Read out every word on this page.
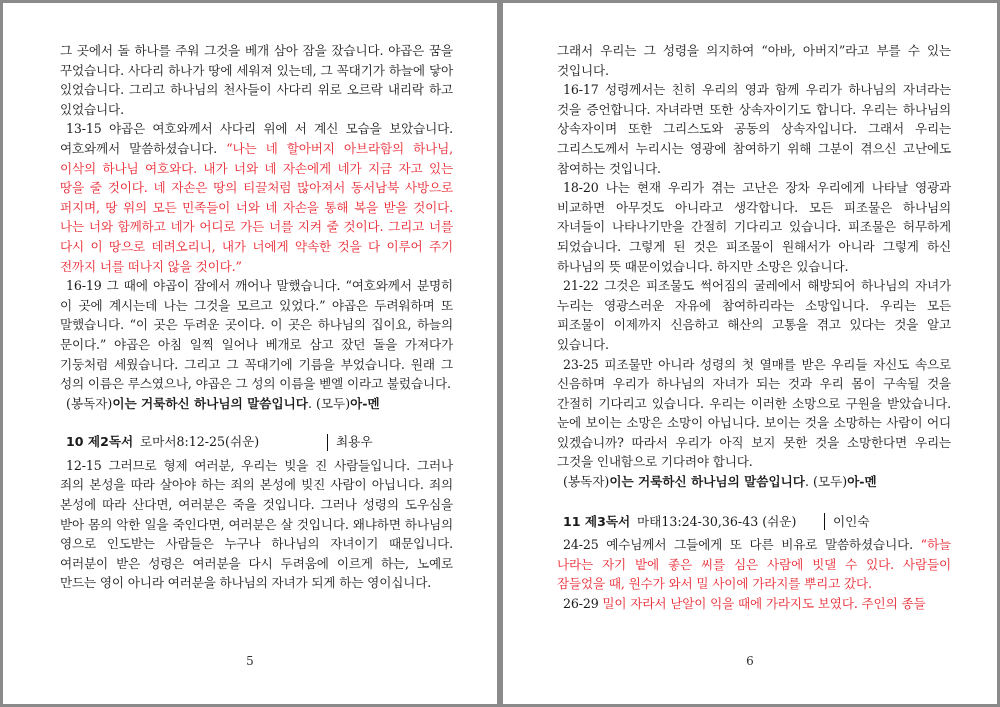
그 곳에서 돌 하나를 주워 그것을 베개 삼아 잠을 잤습니다. 야곱은 꿈을 꾸었습니다. 사다리 하나가 땅에 세워져 있는데, 그 꼭대기가 하늘에 닿아 있었습니다. 그리고 하나님의 천사들이 사다리 위로 오르락 내리락 하고 있었습니다.

13-15 야곱은 여호와께서 사다리 위에 서 계신 모습을 보았습니다. 여호와께서 말씀하셨습니다. “나는 네 할아버지 아브라함의 하나님, 이삭의 하나님 여호와다. 내가 너와 네 자손에게 네가 지금 자고 있는 땅을 줄 것이다. 네 자손은 땅의 티끌처럼 많아져서 동서남북 사방으로 퍼지며, 땅 위의 모든 민족들이 너와 네 자손을 통해 복을 받을 것이다. 나는 너와 함께하고 네가 어디로 가든 너를 지켜 줄 것이다. 그리고 너를 다시 이 땅으로 데려오리니, 내가 너에게 약속한 것을 다 이루어 주기 전까지 너를 떠나지 않을 것이다.”

16-19 그 때에 야곱이 잠에서 깨어나 말했습니다. “여호와께서 분명히 이 곳에 계시는데 나는 그것을 모르고 있었다.” 야곱은 두려워하며 또 말했습니다. “이 곳은 두려운 곳이다. 이 곳은 하나님의 집이요, 하늘의 문이다.” 야곱은 아침 일찍 일어나 베개로 삼고 잤던 돌을 가져다가 기둥처럼 세웠습니다. 그리고 그 꼭대기에 기름을 부었습니다. 원래 그 성의 이름은 루스였으나, 야곱은 그 성의 이름을 벧엘 이라고 불렀습니다.

(봉독자)이는 거룩하신 하나님의 말씀입니다. (모두)아-멘

10 제2독서 로마서8:12-25(쉬운)	최용우

12-15 그러므로 형제 여러분, 우리는 빚을 진 사람들입니다. 그러나 죄의 본성을 따라 살아야 하는 죄의 본성에 빚진 사람이 아닙니다. 죄의 본성에 따라 산다면, 여러분은 죽을 것입니다. 그러나 성령의 도우심을 받아 몸의 악한 일을 죽인다면, 여러분은 살 것입니다. 왜냐하면 하나님의 영으로 인도받는 사람들은 누구나 하나님의 자녀이기 때문입니다. 여러분이 받은 성령은 여러분을 다시 두려움에 이르게 하는, 노예로 만드는 영이 아니라 여러분을 하나님의 자녀가 되게 하는 영이십니다.

5

그래서 우리는 그 성령을 의지하여 “아바, 아버지”라고 부를 수 있는 것입니다.

16-17 성령께서는 친히 우리의 영과 함께 우리가 하나님의 자녀라는 것을 증언합니다. 자녀라면 또한 상속자이기도 합니다. 우리는 하나님의 상속자이며 또한 그리스도와 공동의 상속자입니다. 그래서 우리는 그리스도께서 누리시는 영광에 참여하기 위해 그분이 겪으신 고난에도 참여하는 것입니다.

18-20 나는 현재 우리가 겪는 고난은 장차 우리에게 나타날 영광과 비교하면 아무것도 아니라고 생각합니다. 모든 피조물은 하나님의 자녀들이 나타나기만을 간절히 기다리고 있습니다. 피조물은 허무하게 되었습니다. 그렇게 된 것은 피조물이 원해서가 아니라 그렇게 하신 하나님의 뜻 때문이었습니다. 하지만 소망은 있습니다.

21-22 그것은 피조물도 썩어짐의 굴레에서 해방되어 하나님의 자녀가 누리는 영광스러운 자유에 참여하리라는 소망입니다. 우리는 모든 피조물이 이제까지 신음하고 해산의 고통을 겪고 있다는 것을 알고 있습니다.

23-25 피조물만 아니라 성령의 첫 열매를 받은 우리들 자신도 속으로 신음하며 우리가 하나님의 자녀가 되는 것과 우리 몸이 구속될 것을 간절히 기다리고 있습니다. 우리는 이러한 소망으로 구원을 받았습니다. 눈에 보이는 소망은 소망이 아닙니다. 보이는 것을 소망하는 사람이 어디 있겠습니까? 따라서 우리가 아직 보지 못한 것을 소망한다면 우리는 그것을 인내함으로 기다려야 합니다.

(봉독자)이는 거룩하신 하나님의 말씀입니다. (모두)아-멘

11 제3독서 마태13:24-30,36-43 (쉬운)	이인숙

24-25 예수님께서 그들에게 또 다른 비유로 말씀하셨습니다. “하늘 나라는 자기 밭에 좋은 씨를 심은 사람에 빗댈 수 있다. 사람들이 잠들었을 때, 원수가 와서 밀 사이에 가라지를 뿌리고 갔다.

26-29 밀이 자라서 낟알이 익을 때에 가라지도 보였다. 주인의 종들

6
